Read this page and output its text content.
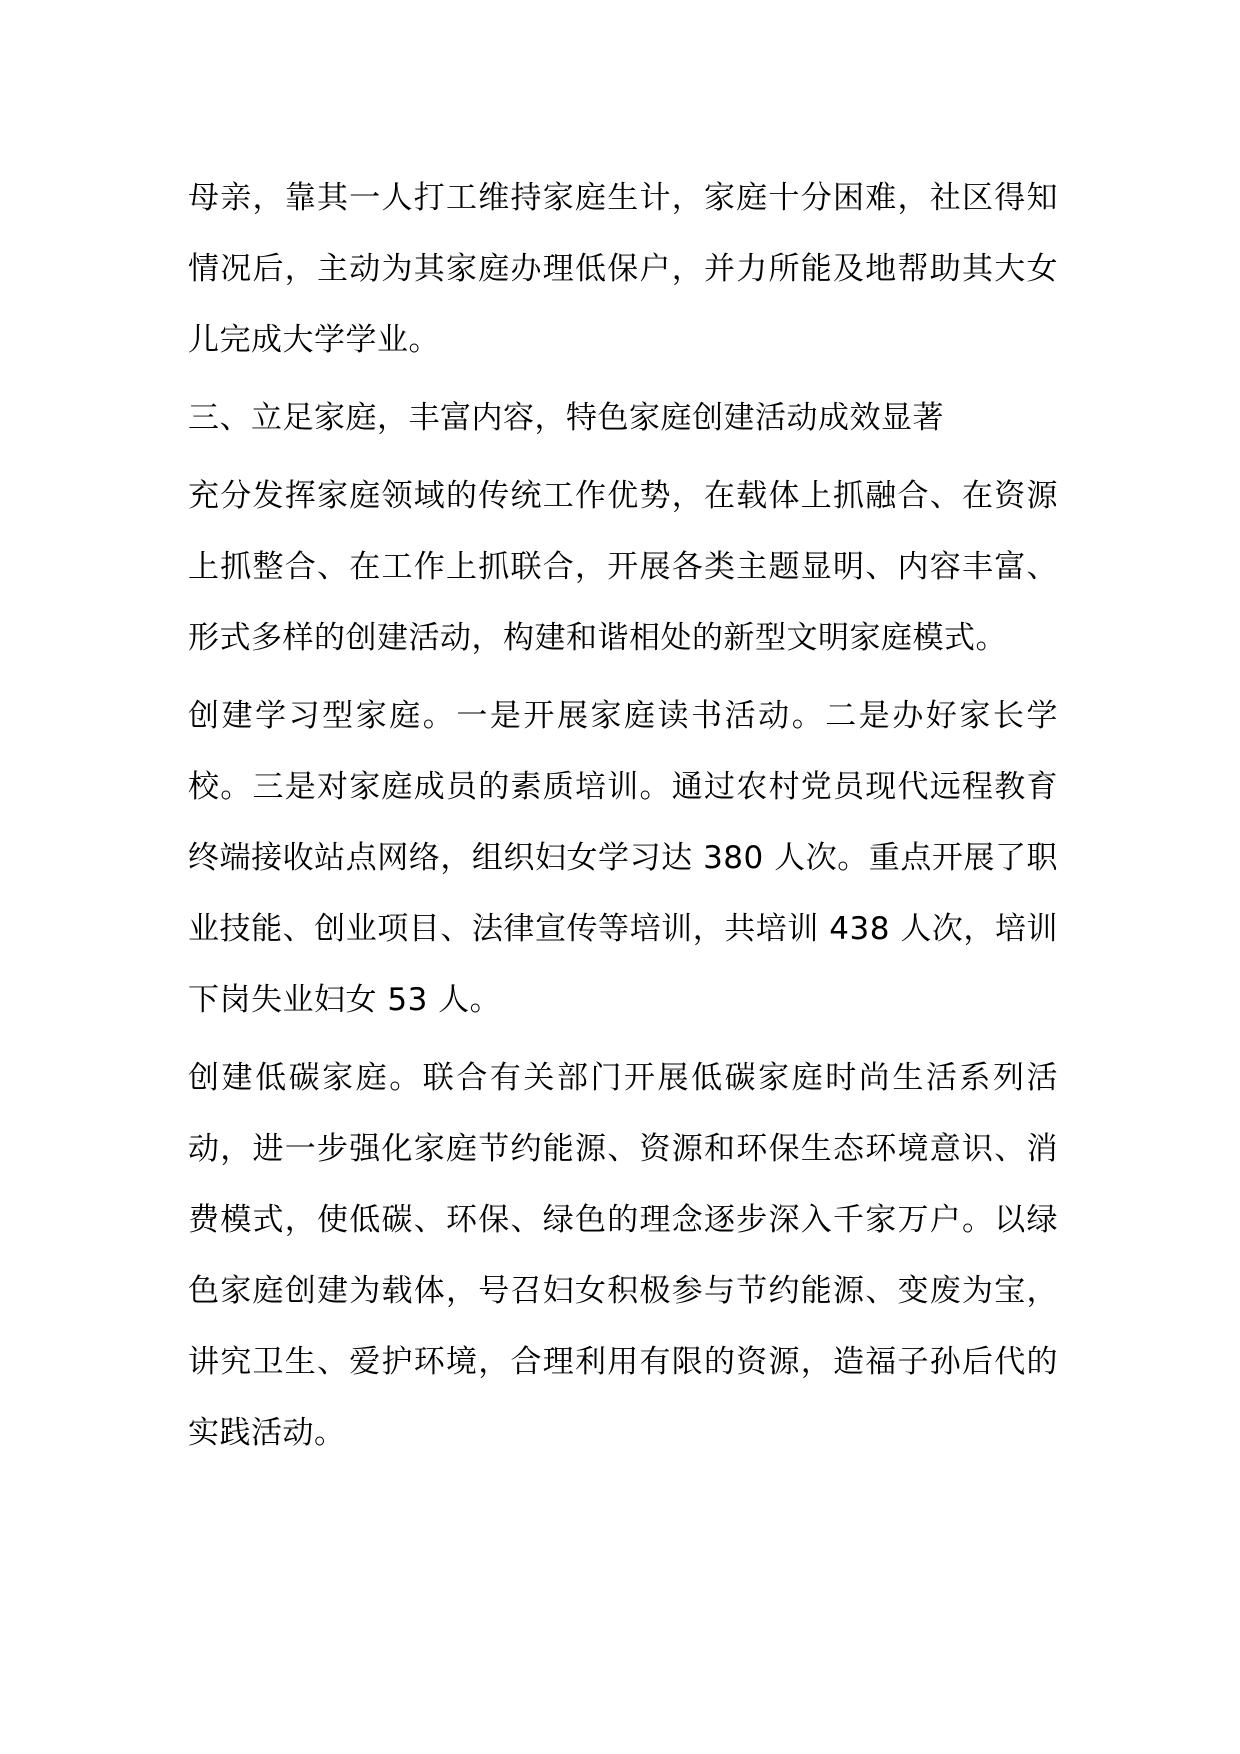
母亲，靠其一人打工维持家庭生计，家庭十分困难，社区得知情况后，主动为其家庭办理低保户，并力所能及地帮助其大女儿完成大学学业。

三、立足家庭，丰富内容，特色家庭创建活动成效显著

充分发挥家庭领域的传统工作优势，在载体上抓融合、在资源上抓整合、在工作上抓联合，开展各类主题显明、内容丰富、形式多样的创建活动，构建和谐相处的新型文明家庭模式。

创建学习型家庭。一是开展家庭读书活动。二是办好家长学校。三是对家庭成员的素质培训。通过农村党员现代远程教育终端接收站点网络，组织妇女学习达 380 人次。重点开展了职业技能、创业项目、法律宣传等培训，共培训 438 人次，培训下岗失业妇女 53 人。

创建低碳家庭。联合有关部门开展低碳家庭时尚生活系列活动，进一步强化家庭节约能源、资源和环保生态环境意识、消费模式，使低碳、环保、绿色的理念逐步深入千家万户。以绿色家庭创建为载体，号召妇女积极参与节约能源、变废为宝，讲究卫生、爱护环境，合理利用有限的资源，造福子孙后代的实践活动。
